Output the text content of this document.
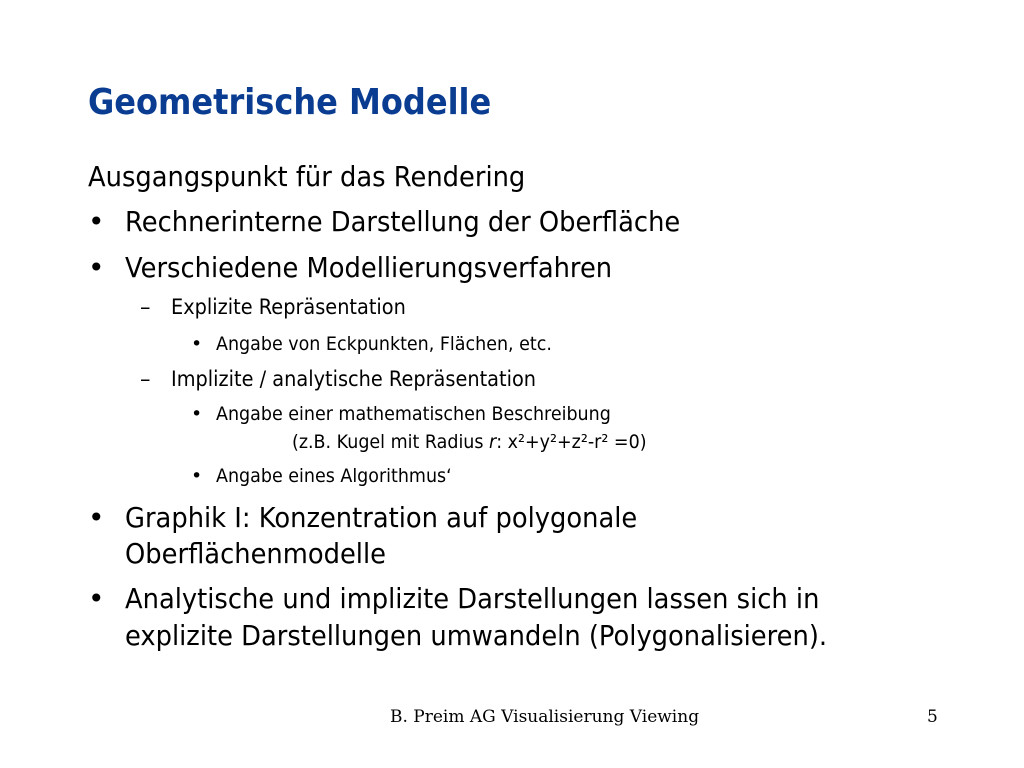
Geometrische Modelle
Ausgangspunkt für das Rendering
• Rechnerinterne Darstellung der Oberfläche
• Verschiedene Modellierungsverfahren
– Explizite Repräsentation
• Angabe von Eckpunkten, Flächen, etc.
– Implizite / analytische Repräsentation
• Angabe einer mathematischen Beschreibung
(z.B. Kugel mit Radius r: x²+y²+z²-r² =0)
• Angabe eines Algorithmus‘
• Graphik I: Konzentration auf polygonale
Oberflächenmodelle
• Analytische und implizite Darstellungen lassen sich in
explizite Darstellungen umwandeln (Polygonalisieren).
B. Preim AG Visualisierung Viewing	5
